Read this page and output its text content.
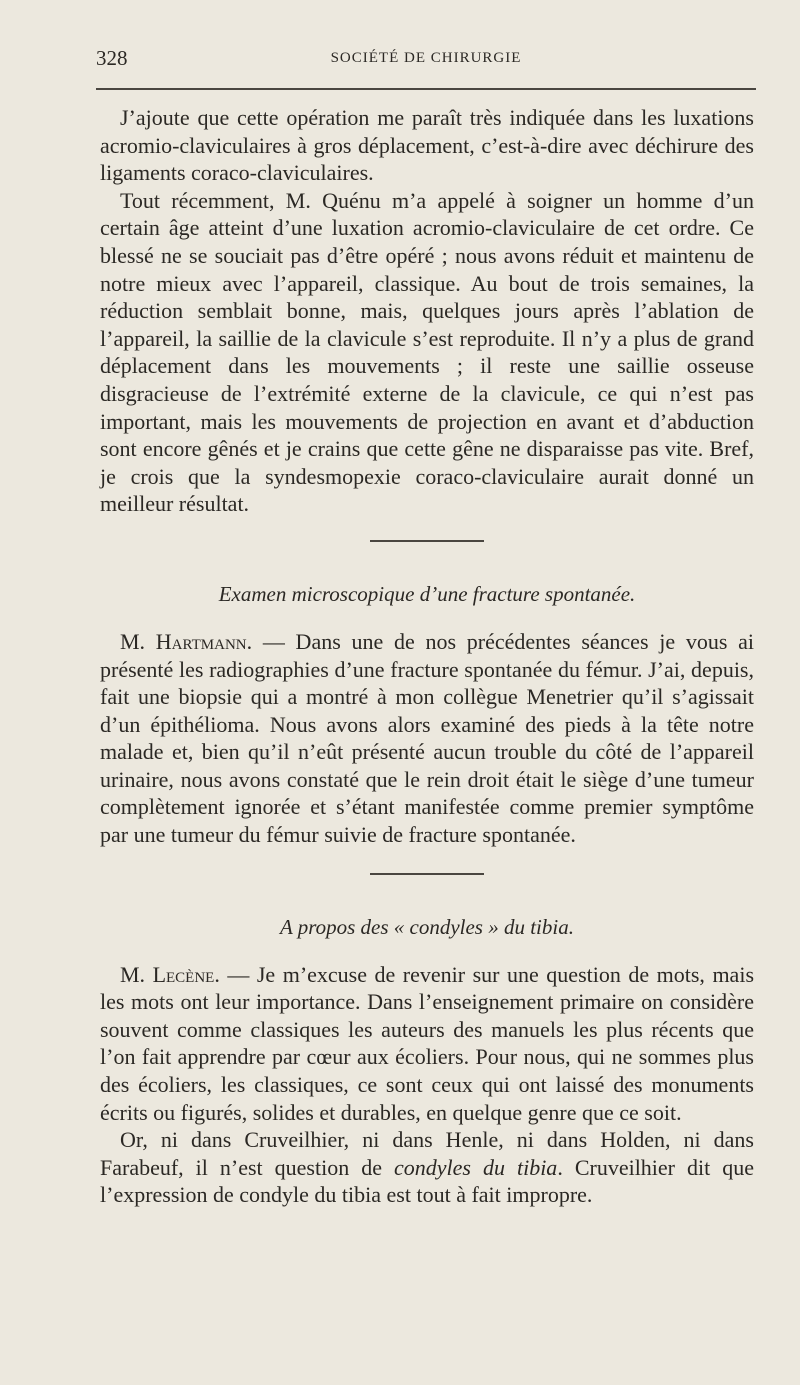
328	SOCIÉTÉ DE CHIRURGIE

J’ajoute que cette opération me paraît très indiquée dans les luxations acromio-claviculaires à gros déplacement, c’est-à-dire avec déchirure des ligaments coraco-claviculaires.

Tout récemment, M. Quénu m’a appelé à soigner un homme d’un certain âge atteint d’une luxation acromio-claviculaire de cet ordre. Ce blessé ne se souciait pas d’être opéré ; nous avons réduit et maintenu de notre mieux avec l’appareil, classique. Au bout de trois semaines, la réduction semblait bonne, mais, quelques jours après l’ablation de l’appareil, la saillie de la clavicule s’est reproduite. Il n’y a plus de grand déplacement dans les mouvements ; il reste une saillie osseuse disgracieuse de l’extrémité externe de la clavicule, ce qui n’est pas important, mais les mouvements de projection en avant et d’abduction sont encore gênés et je crains que cette gêne ne disparaisse pas vite. Bref, je crois que la syndesmopexie coraco-claviculaire aurait donné un meilleur résultat.

Examen microscopique d’une fracture spontanée.

M. Hartmann. — Dans une de nos précédentes séances je vous ai présenté les radiographies d’une fracture spontanée du fémur. J’ai, depuis, fait une biopsie qui a montré à mon collègue Menetrier qu’il s’agissait d’un épithélioma. Nous avons alors examiné des pieds à la tête notre malade et, bien qu’il n’eût présenté aucun trouble du côté de l’appareil urinaire, nous avons constaté que le rein droit était le siège d’une tumeur complètement ignorée et s’étant manifestée comme premier symptôme par une tumeur du fémur suivie de fracture spontanée.

A propos des « condyles » du tibia.

M. Lecène. — Je m’excuse de revenir sur une question de mots, mais les mots ont leur importance. Dans l’enseignement primaire on considère souvent comme classiques les auteurs des manuels les plus récents que l’on fait apprendre par cœur aux écoliers. Pour nous, qui ne sommes plus des écoliers, les classiques, ce sont ceux qui ont laissé des monuments écrits ou figurés, solides et durables, en quelque genre que ce soit.

Or, ni dans Cruveilhier, ni dans Henle, ni dans Holden, ni dans Farabeuf, il n’est question de condyles du tibia. Cruveilhier dit que l’expression de condyle du tibia est tout à fait impropre.
